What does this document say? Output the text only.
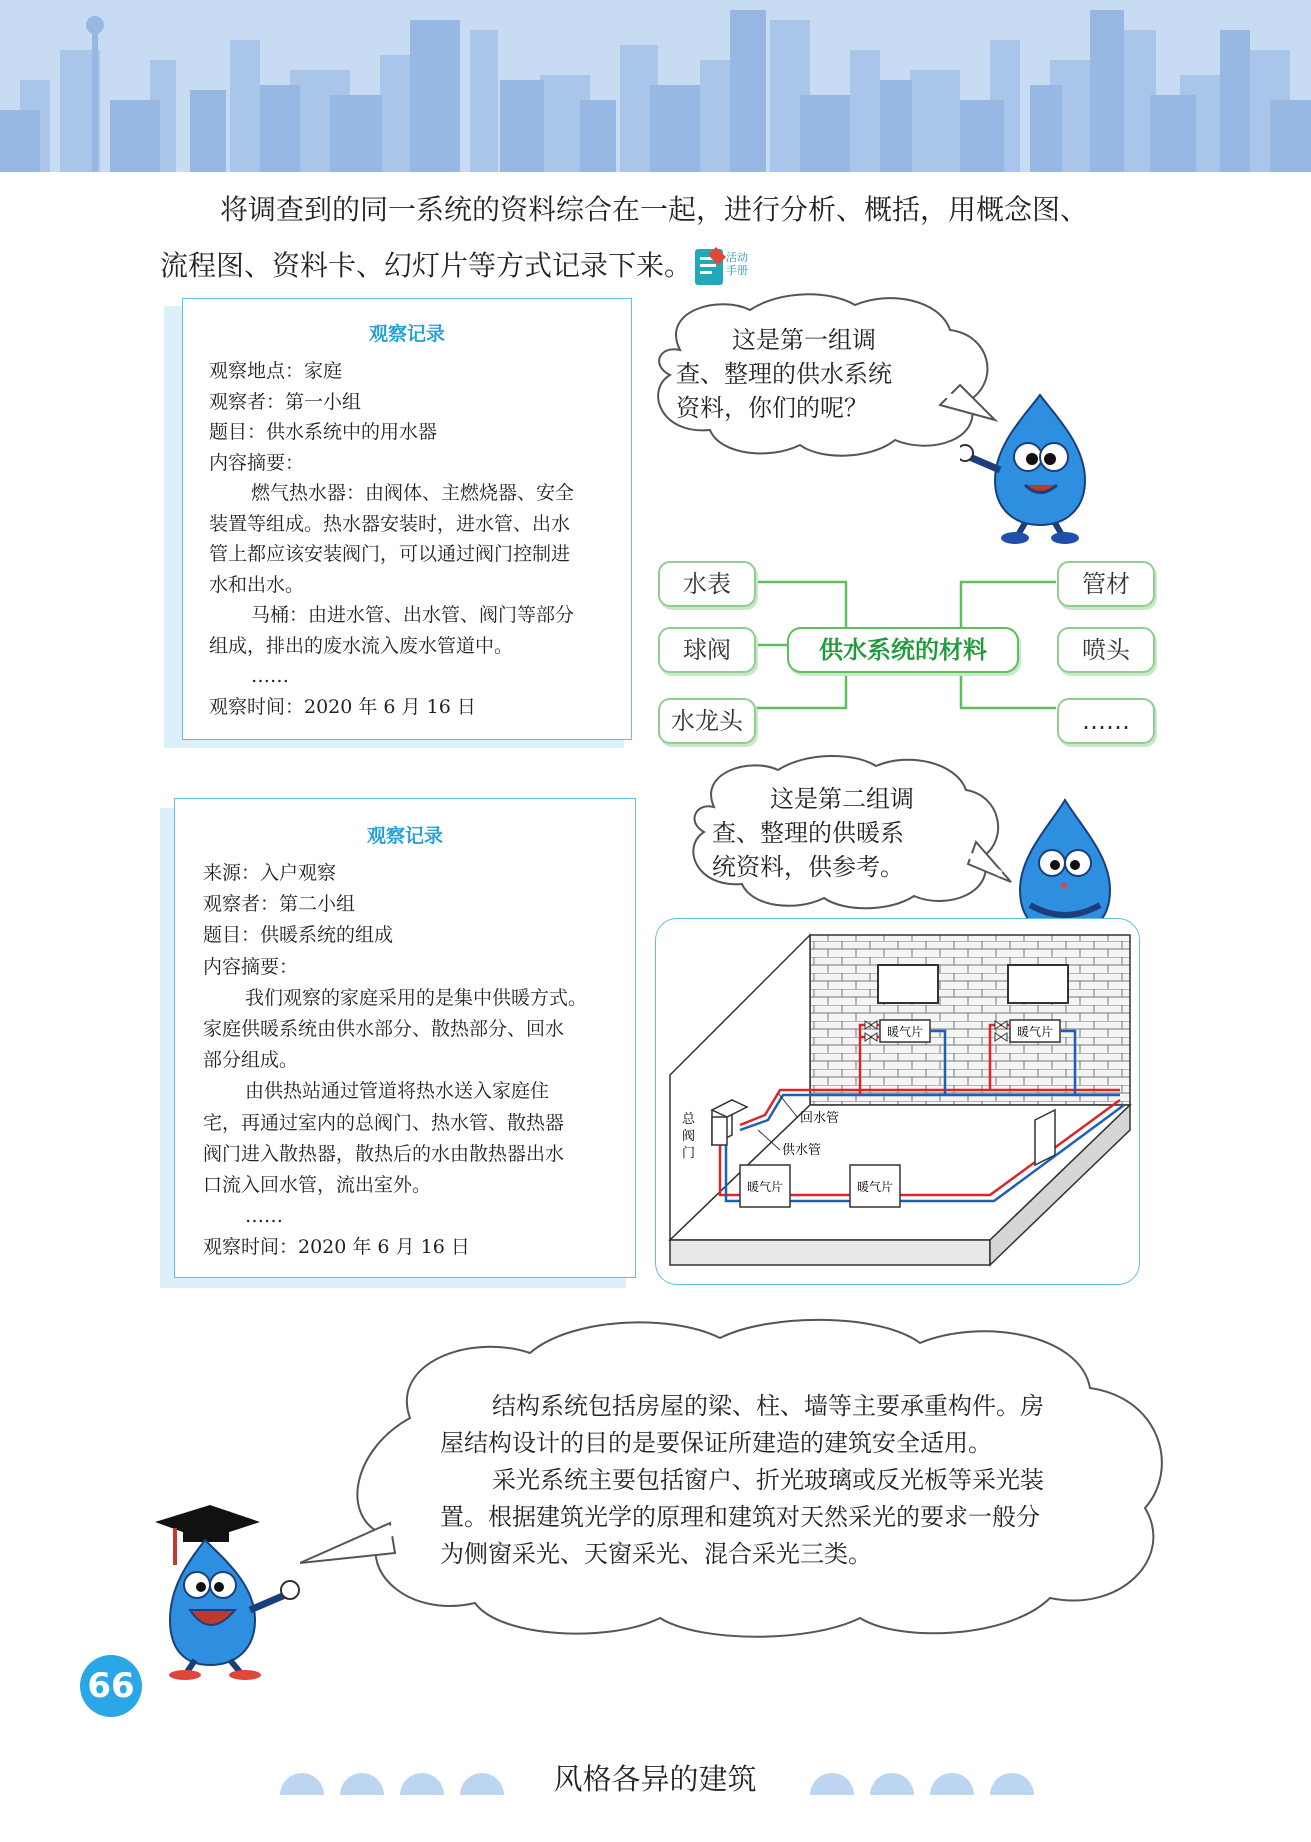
将调查到的同一系统的资料综合在一起，进行分析、概括，用概念图、

流程图、资料卡、幻灯片等方式记录下来。	活动
手册

观察记录
观察地点：家庭
观察者：第一小组
题目：供水系统中的用水器
内容摘要：
燃气热水器：由阀体、主燃烧器、安全
装置等组成。热水器安装时，进水管、出水
管上都应该安装阀门，可以通过阀门控制进
水和出水。
马桶：由进水管、出水管、阀门等部分
组成，排出的废水流入废水管道中。
……
观察时间：2020 年 6 月 16 日
这是第一组调
查、整理的供水系统
资料，你们的呢？
水表
球阀
水龙头
供水系统的材料
管材
喷头
……
观察记录
来源：入户观察
观察者：第二小组
题目：供暖系统的组成
内容摘要：
我们观察的家庭采用的是集中供暖方式。
家庭供暖系统由供水部分、散热部分、回水
部分组成。
由供热站通过管道将热水送入家庭住
宅，再通过室内的总阀门、热水管、散热器
阀门进入散热器，散热后的水由散热器出水
口流入回水管，流出室外。
……
观察时间：2020 年 6 月 16 日
这是第二组调
查、整理的供暖系
统资料，供参考。
暖气片	暖气片
暖气片	暖气片
总
阀
门
回水管
供水管
结构系统包括房屋的梁、柱、墙等主要承重构件。房
屋结构设计的目的是要保证所建造的建筑安全适用。
采光系统主要包括窗户、折光玻璃或反光板等采光装
置。根据建筑光学的原理和建筑对天然采光的要求一般分
为侧窗采光、天窗采光、混合采光三类。
66
风格各异的建筑
